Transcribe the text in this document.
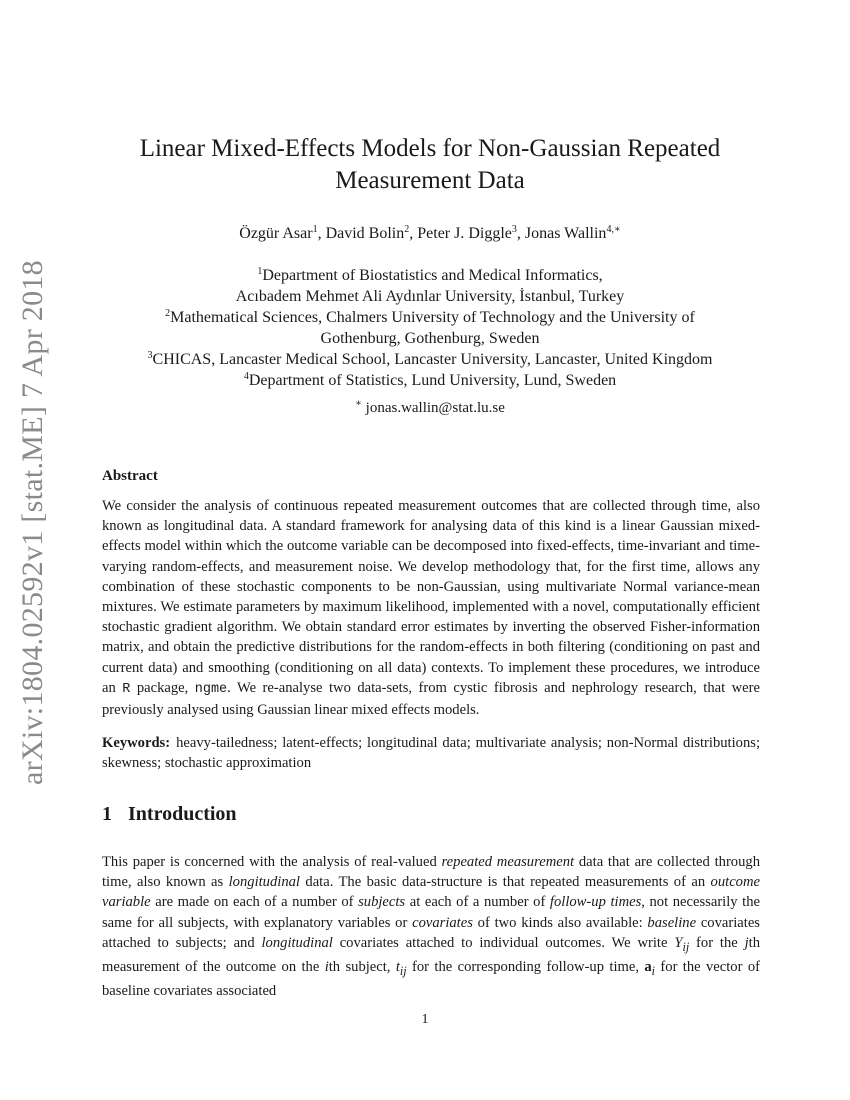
arXiv:1804.02592v1 [stat.ME] 7 Apr 2018
Linear Mixed-Effects Models for Non-Gaussian Repeated
Measurement Data
Özgür Asar$^1$, David Bolin$^2$, Peter J. Diggle$^3$, Jonas Wallin$^{4,∗}$
$^1$Department of Biostatistics and Medical Informatics,
Acıbadem Mehmet Ali Aydınlar University, İstanbul, Turkey
$^2$Mathematical Sciences, Chalmers University of Technology and the University of
Gothenburg, Gothenburg, Sweden
$^3$CHICAS, Lancaster Medical School, Lancaster University, Lancaster, United Kingdom
$^4$Department of Statistics, Lund University, Lund, Sweden
∗ jonas.wallin@stat.lu.se
Abstract
We consider the analysis of continuous repeated measurement outcomes that are collected through time, also known as longitudinal data. A standard framework for analysing data of this kind is a linear Gaussian mixed-effects model within which the outcome variable can be decomposed into fixed-effects, time-invariant and time-varying random-effects, and measurement noise. We develop methodology that, for the first time, allows any combination of these stochastic components to be non-Gaussian, using multivariate Normal variance-mean mixtures. We estimate parameters by maximum likelihood, implemented with a novel, computationally efficient stochastic gradient algorithm. We obtain standard error estimates by inverting the observed Fisher-information matrix, and obtain the predictive distributions for the random-effects in both filtering (conditioning on past and current data) and smoothing (conditioning on all data) contexts. To implement these procedures, we introduce an R package, ngme. We re-analyse two data-sets, from cystic fibrosis and nephrology research, that were previously analysed using Gaussian linear mixed effects models.
Keywords: heavy-tailedness; latent-effects; longitudinal data; multivariate analysis; non-Normal distributions; skewness; stochastic approximation
1 Introduction
This paper is concerned with the analysis of real-valued repeated measurement data that are collected through time, also known as longitudinal data. The basic data-structure is that repeated measurements of an outcome variable are made on each of a number of subjects at each of a number of follow-up times, not necessarily the same for all subjects, with explanatory variables or covariates of two kinds also available: baseline covariates attached to subjects; and longitudinal covariates attached to individual outcomes. We write $Y_{ij}$ for the jth measurement of the outcome on the ith subject, $t_{ij}$ for the corresponding follow-up time, $a_i$ for the vector of baseline covariates associated
1
